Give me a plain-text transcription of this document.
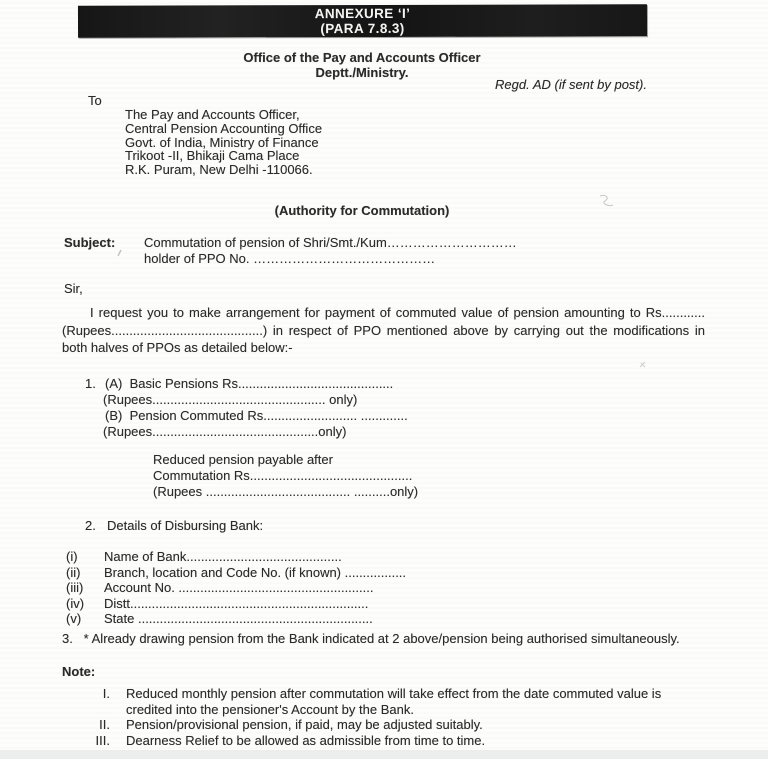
ANNEXURE ‘I’
(PARA 7.8.3)
Office of the Pay and Accounts Officer
Deptt./Ministry.
Regd. AD (if sent by post).
To
The Pay and Accounts Officer,
Central Pension Accounting Office
Govt. of India, Ministry of Finance
Trikoot -II, Bhikaji Cama Place
R.K. Puram, New Delhi -110066.
(Authority for Commutation)
Subject:	Commutation of pension of Shri/Smt./Kum…………………………
holder of PPO No. ……………………………………
Sir,
I request you to make arrangement for payment of commuted value of pension amounting to Rs............ (Rupees..........................................) in respect of PPO mentioned above by carrying out the modifications in both halves of PPOs as detailed below:-
1. (A) Basic Pensions Rs...........................................
(Rupees................................................ only)
(B) Pension Commuted Rs.......................... .............
(Rupees..............................................only)
Reduced pension payable after
Commutation Rs.............................................
(Rupees ........................................ ..........only)
2. Details of Disbursing Bank:
(i)	Name of Bank...........................................
(ii)	Branch, location and Code No. (if known) .................
(iii)	Account No. ......................................................
(iv)	Distt..................................................................
(v)	State .................................................................
3.   * Already drawing pension from the Bank indicated at 2 above/pension being authorised simultaneously.
Note:
I. Reduced monthly pension after commutation will take effect from the date commuted value is credited into the pensioner's Account by the Bank.
II. Pension/provisional pension, if paid, may be adjusted suitably.
III. Dearness Relief to be allowed as admissible from time to time.
